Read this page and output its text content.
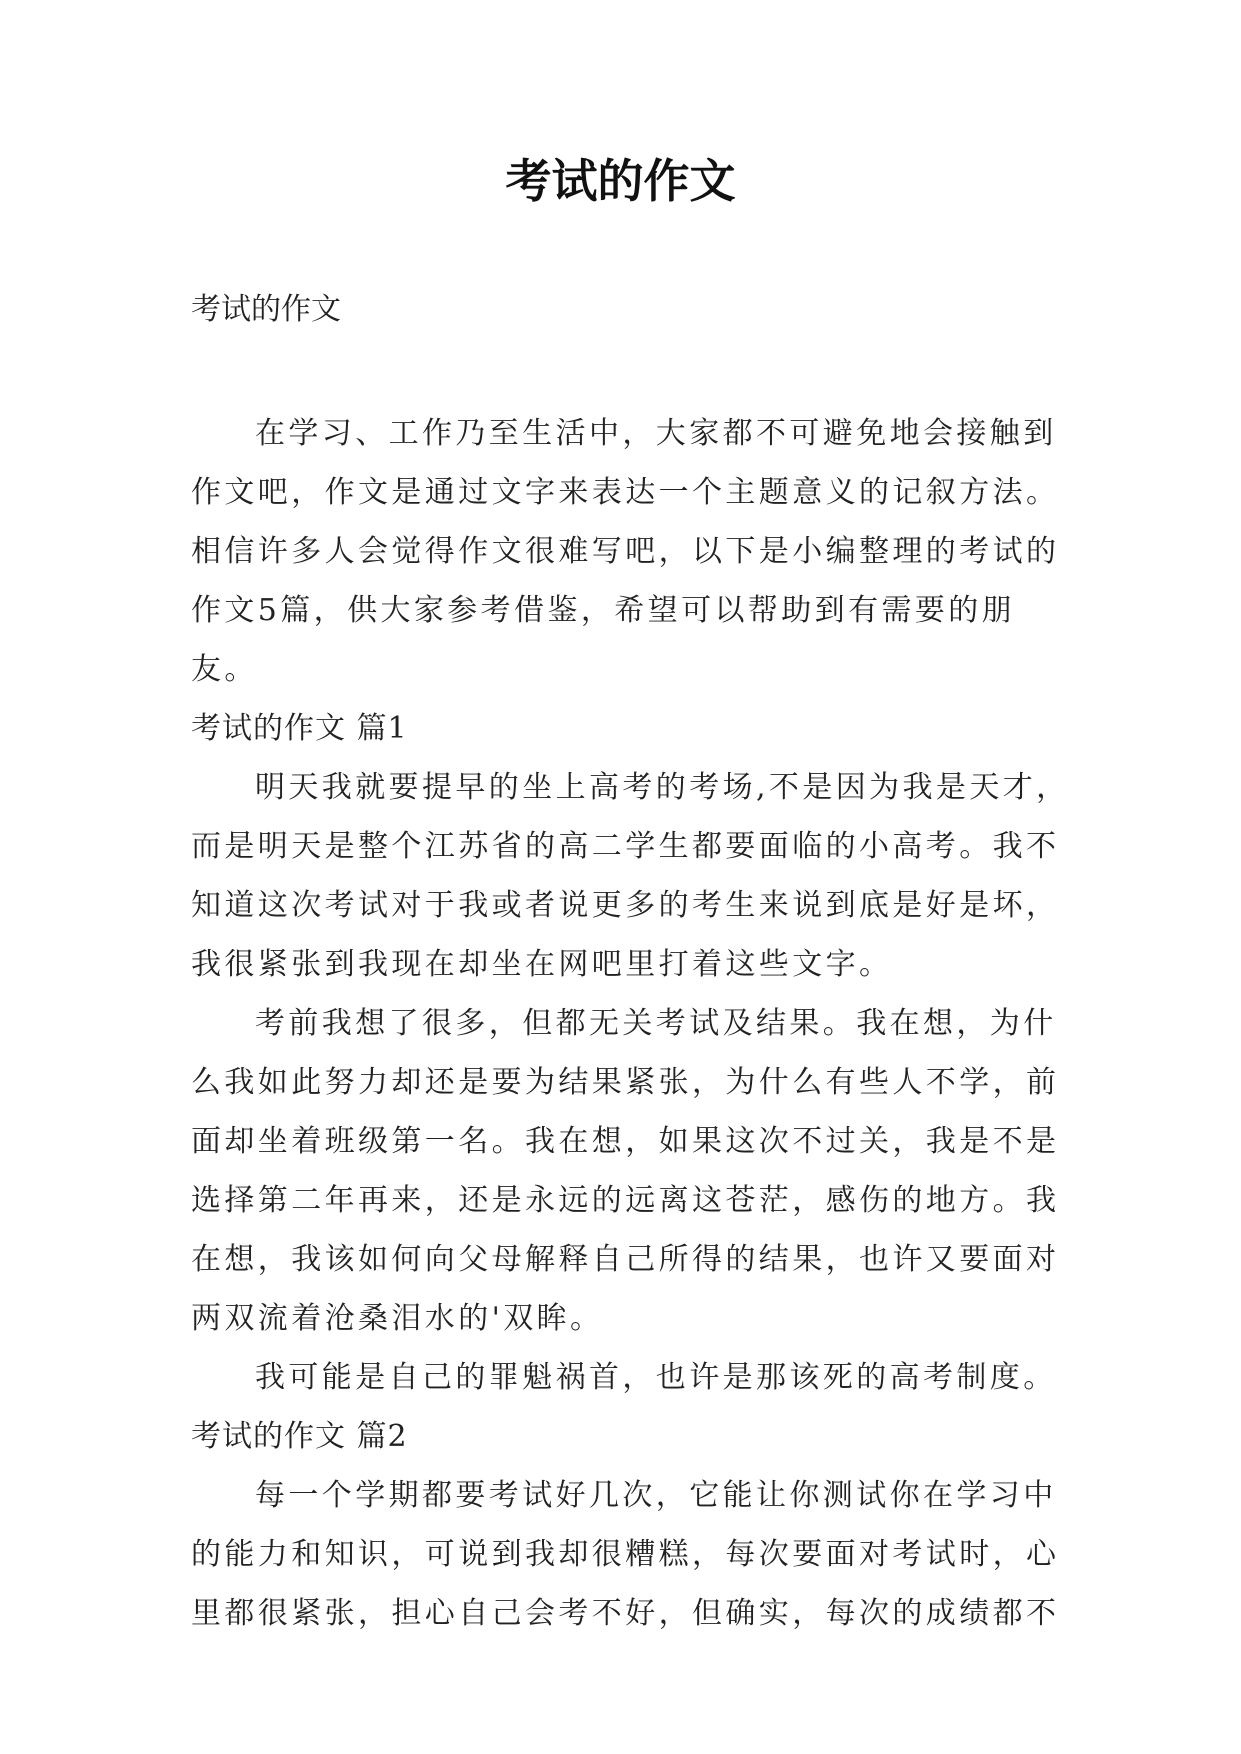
考试的作文
考试的作文

在学习、工作乃至生活中，大家都不可避免地会接触到作文吧，作文是通过文字来表达一个主题意义的记叙方法。相信许多人会觉得作文很难写吧，以下是小编整理的考试的作文5篇，供大家参考借鉴，希望可以帮助到有需要的朋友。

考试的作文 篇1

明天我就要提早的坐上高考的考场,不是因为我是天才，而是明天是整个江苏省的高二学生都要面临的小高考。我不知道这次考试对于我或者说更多的考生来说到底是好是坏，我很紧张到我现在却坐在网吧里打着这些文字。

考前我想了很多，但都无关考试及结果。我在想，为什么我如此努力却还是要为结果紧张，为什么有些人不学，前面却坐着班级第一名。我在想，如果这次不过关，我是不是选择第二年再来，还是永远的远离这苍茫，感伤的地方。我在想，我该如何向父母解释自己所得的结果，也许又要面对两双流着沧桑泪水的'双眸。

我可能是自己的罪魁祸首，也许是那该死的高考制度。

考试的作文 篇2

每一个学期都要考试好几次，它能让你测试你在学习中的能力和知识，可说到我却很糟糕，每次要面对考试时，心里都很紧张，担心自己会考不好，但确实，每次的成绩都不
